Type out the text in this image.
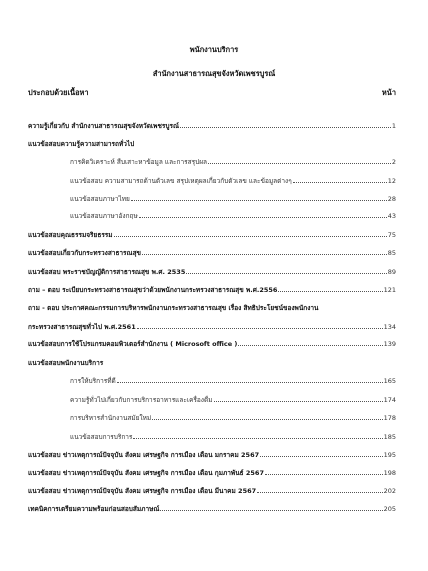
พนักงานบริการ
สำนักงานสาธารณสุขจังหวัดเพชรบูรณ์
ประกอบด้วยเนื้อหา	หน้า
ความรู้เกี่ยวกับ สำนักงานสาธารณสุขจังหวัดเพชรบูรณ์	1
แนวข้อสอบความรู้ความสามารถทั่วไป
การคิดวิเคราะห์ สืบเสาะหาข้อมูล และการสรุปผล	2
แนวข้อสอบ ความสามารถด้านตัวเลข สรุปเหตุผลเกี่ยวกับตัวเลข และข้อมูลต่างๆ	12
แนวข้อสอบภาษาไทย	28
แนวข้อสอบภาษาอังกฤษ	43
แนวข้อสอบคุณธรรมจริยธรรม	75
แนวข้อสอบเกี่ยวกับกระทรวงสาธารณสุข	85
แนวข้อสอบ พระราชบัญญัติการสาธารณสุข พ.ศ. 2535	89
ถาม – ตอบ ระเบียบกระทรวงสาธารณสุขว่าด้วยพนักงานกระทรวงสาธารณสุข พ.ศ.2556	121
ถาม - ตอบ ประกาศคณะกรรมการบริหารพนักงานกระทรวงสาธารณสุข เรื่อง สิทธิประโยชน์ของพนักงาน
กระทรวงสาธารณสุขทั่วไป พ.ศ.2561	134
แนวข้อสอบการใช้โปรแกรมคอมพิวเตอร์สำนักงาน ( Microsoft office )	139
แนวข้อสอบพนักงานบริการ
การให้บริการที่ดี	165
ความรู้ทั่วไปเกี่ยวกับการบริการอาหารและเครื่องดื่ม	174
การบริหารสำนักงานสมัยใหม่	178
แนวข้อสอบการบริการ	185
แนวข้อสอบ ข่าวเหตุการณ์ปัจจุบัน สังคม เศรษฐกิจ การเมือง เดือน มกราคม 2567	195
แนวข้อสอบ ข่าวเหตุการณ์ปัจจุบัน สังคม เศรษฐกิจ การเมือง เดือน กุมภาพันธ์ 2567	198
แนวข้อสอบ ข่าวเหตุการณ์ปัจจุบัน สังคม เศรษฐกิจ การเมือง เดือน มีนาคม 2567	202
เทคนิคการเตรียมความพร้อมก่อนสอบสัมภาษณ์	205
